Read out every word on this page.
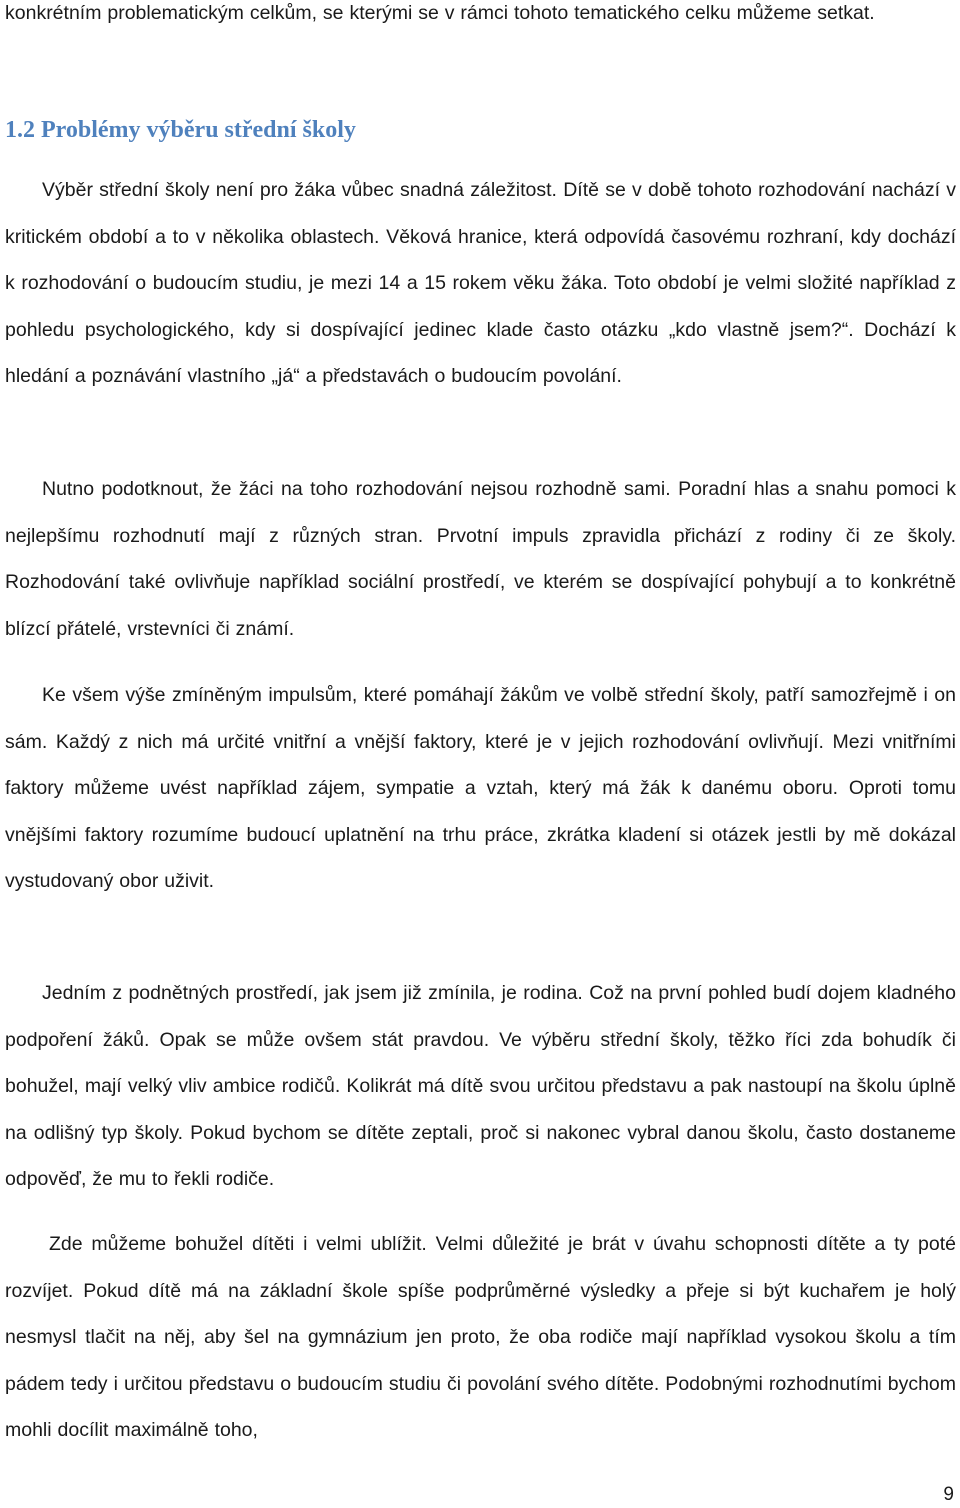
konkrétním problematickým celkům, se kterými se v rámci tohoto tematického celku můžeme setkat.

1.2 Problémy výběru střední školy

Výběr střední školy není pro žáka vůbec snadná záležitost. Dítě se v době tohoto rozhodování nachází v kritickém období a to v několika oblastech. Věková hranice, která odpovídá časovému rozhraní, kdy dochází k rozhodování o budoucím studiu, je mezi 14 a 15 rokem věku žáka. Toto období je velmi složité například z pohledu psychologického, kdy si dospívající jedinec klade často otázku „kdo vlastně jsem?“. Dochází k hledání a poznávání vlastního „já“ a představách o budoucím povolání.

Nutno podotknout, že žáci na toho rozhodování nejsou rozhodně sami. Poradní hlas a snahu pomoci k nejlepšímu rozhodnutí mají z různých stran. Prvotní impuls zpravidla přichází z rodiny či ze školy. Rozhodování také ovlivňuje například sociální prostředí, ve kterém se dospívající pohybují a to konkrétně blízcí přátelé, vrstevníci či známí.

Ke všem výše zmíněným impulsům, které pomáhají žákům ve volbě střední školy, patří samozřejmě i on sám. Každý z nich má určité vnitřní a vnější faktory, které je v jejich rozhodování ovlivňují. Mezi vnitřními faktory můžeme uvést například zájem, sympatie a vztah, který má žák k danému oboru. Oproti tomu vnějšími faktory rozumíme budoucí uplatnění na trhu práce, zkrátka kladení si otázek jestli by mě dokázal vystudovaný obor uživit.

Jedním z podnětných prostředí, jak jsem již zmínila, je rodina. Což na první pohled budí dojem kladného podpoření žáků. Opak se může ovšem stát pravdou. Ve výběru střední školy, těžko říci zda bohudík či bohužel, mají velký vliv ambice rodičů. Kolikrát má dítě svou určitou představu a pak nastoupí na školu úplně na odlišný typ školy. Pokud bychom se dítěte zeptali, proč si nakonec vybral danou školu, často dostaneme odpověď, že mu to řekli rodiče.

Zde můžeme bohužel dítěti i velmi ublížit. Velmi důležité je brát v úvahu schopnosti dítěte a ty poté rozvíjet. Pokud dítě má na základní škole spíše podprůměrné výsledky a přeje si být kuchařem je holý nesmysl tlačit na něj, aby šel na gymnázium jen proto, že oba rodiče mají například vysokou školu a tím pádem tedy i určitou představu o budoucím studiu či povolání svého dítěte. Podobnými rozhodnutími bychom mohli docílit maximálně toho,

9
